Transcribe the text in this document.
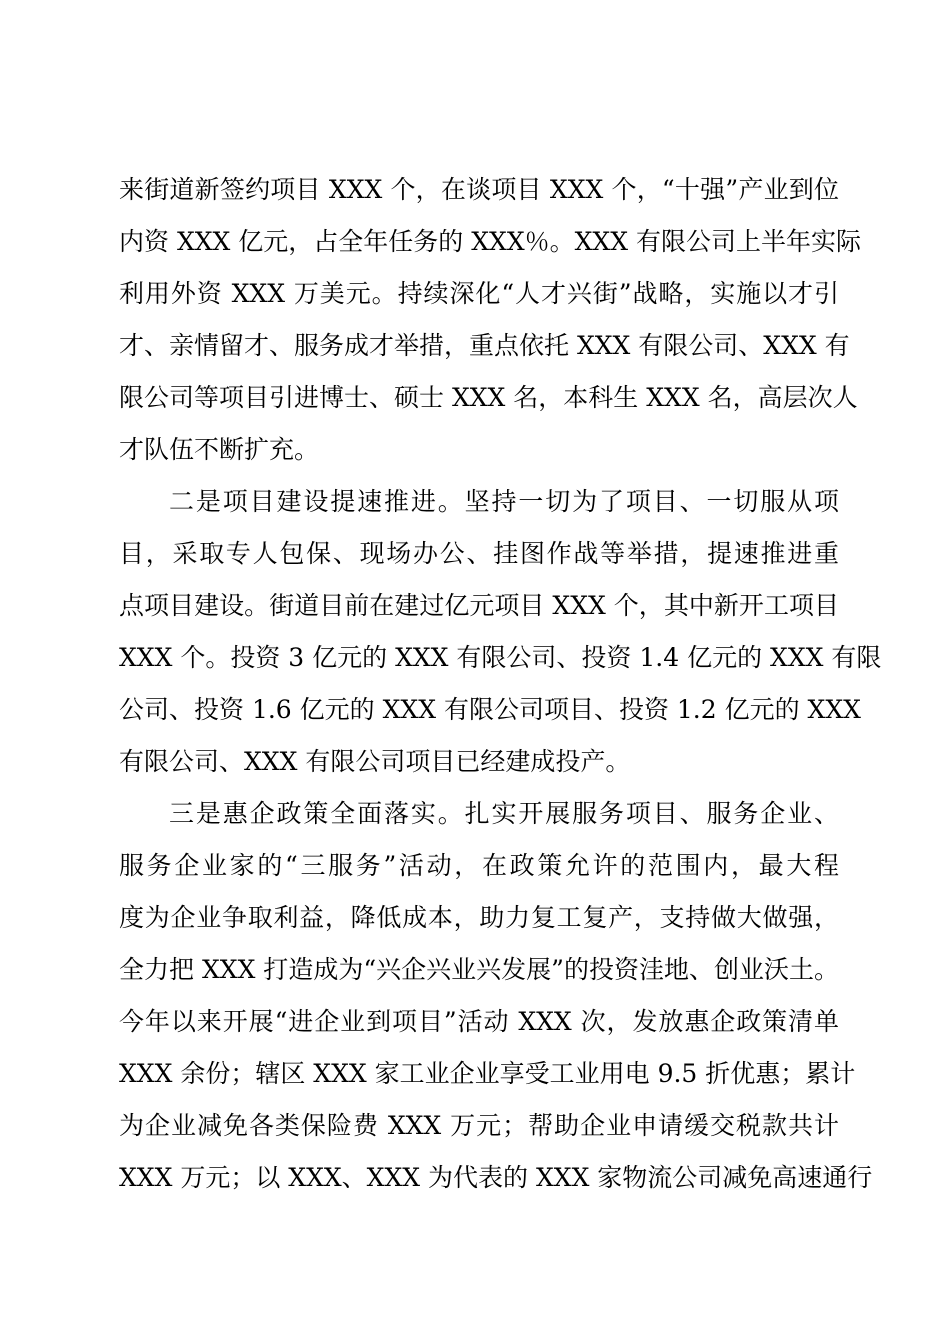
来街道新签约项目 XXX 个，在谈项目 XXX 个，“十强”产业到位
内资 XXX 亿元，占全年任务的 XXX％。XXX 有限公司上半年实际
利用外资 XXX 万美元。持续深化“人才兴街”战略，实施以才引
才、亲情留才、服务成才举措，重点依托 XXX 有限公司、XXX 有
限公司等项目引进博士、硕士 XXX 名，本科生 XXX 名，高层次人
才队伍不断扩充。
二是项目建设提速推进。坚持一切为了项目、一切服从项
目，采取专人包保、现场办公、挂图作战等举措，提速推进重
点项目建设。街道目前在建过亿元项目 XXX 个，其中新开工项目
XXX 个。投资 3 亿元的 XXX 有限公司、投资 1.4 亿元的 XXX 有限
公司、投资 1.6 亿元的 XXX 有限公司项目、投资 1.2 亿元的 XXX
有限公司、XXX 有限公司项目已经建成投产。
三是惠企政策全面落实。扎实开展服务项目、服务企业、
服务企业家的“三服务”活动，在政策允许的范围内，最大程
度为企业争取利益，降低成本，助力复工复产，支持做大做强，
全力把 XXX 打造成为“兴企兴业兴发展”的投资洼地、创业沃土。
今年以来开展“进企业到项目”活动 XXX 次，发放惠企政策清单
XXX 余份；辖区 XXX 家工业企业享受工业用电 9.5 折优惠；累计
为企业减免各类保险费 XXX 万元；帮助企业申请缓交税款共计
XXX 万元；以 XXX、XXX 为代表的 XXX 家物流公司减免高速通行
